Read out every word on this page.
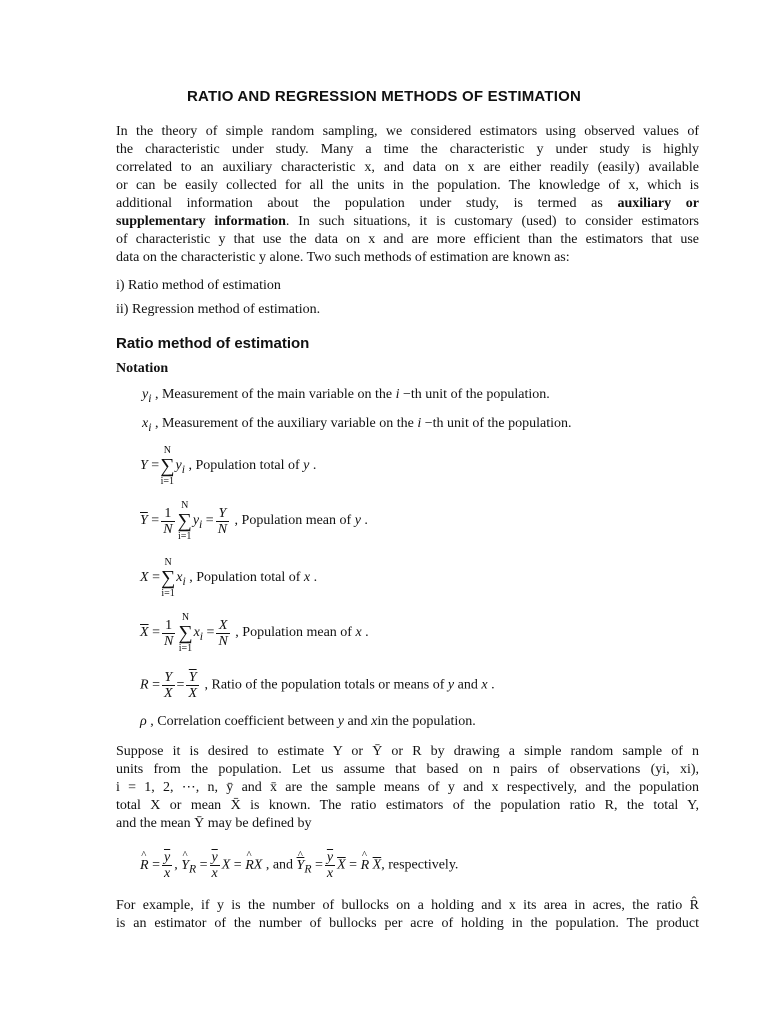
RATIO AND REGRESSION METHODS OF ESTIMATION
In the theory of simple random sampling, we considered estimators using observed values of
the characteristic under study. Many a time the characteristic y under study is highly
correlated to an auxiliary characteristic x, and data on x are either readily (easily) available
or can be easily collected for all the units in the population. The knowledge of x, which is
additional information about the population under study, is termed as auxiliary or
supplementary information. In such situations, it is customary (used) to consider estimators
of characteristic y that use the data on x and are more efficient than the estimators that use
data on the characteristic y alone. Two such methods of estimation are known as:
i) Ratio method of estimation
ii) Regression method of estimation.
Ratio method of estimation
Notation
$y_i$ , Measurement of the main variable on the i −th unit of the population.
$x_i$ , Measurement of the auxiliary variable on the i −th unit of the population.
Y =N
∑
$i=1y_i$ , Population total of y .
$\overline{Y} = \frac{1}{N}$ N
∑
$i=1y_i = \frac{Y}{N}$ , Population mean of y .
X =N
∑
$i=1x_i$ , Population total of x .
$\overline{X} = \frac{1}{N}$ N
∑
$i=1x_i = \frac{X}{N}$ , Population mean of x .
$R = \frac{Y}{X} = \frac{\overline{Y}}{X}$ , Ratio of the population totals or means of y and x .
ρ , Correlation coefficient between y and xin the population.
Suppose it is desired to estimate Y or Ȳ or R by drawing a simple random sample of n
units from the population. Let us assume that based on n pairs of observations (yi, xi),
i = 1, 2, ⋯, n, ȳ and x̄ are the sample means of y and x respectively, and the population
total X or mean X̄ is known. The ratio estimators of the population ratio R, the total Y,
and the mean Ȳ may be defined by
^ $R = \frac{\overline{y}}{x}$ , ^ $Y_R = \frac{\overline{y}}{x}$ X = ^ RX , and ^ $\overline{Y}_R = \frac{\overline{y}}{x} \overline{X}$ = ^ R $\overline{X}$, respectively.
For example, if y is the number of bullocks on a holding and x its area in acres, the ratio R̂
is an estimator of the number of bullocks per acre of holding in the population. The product
